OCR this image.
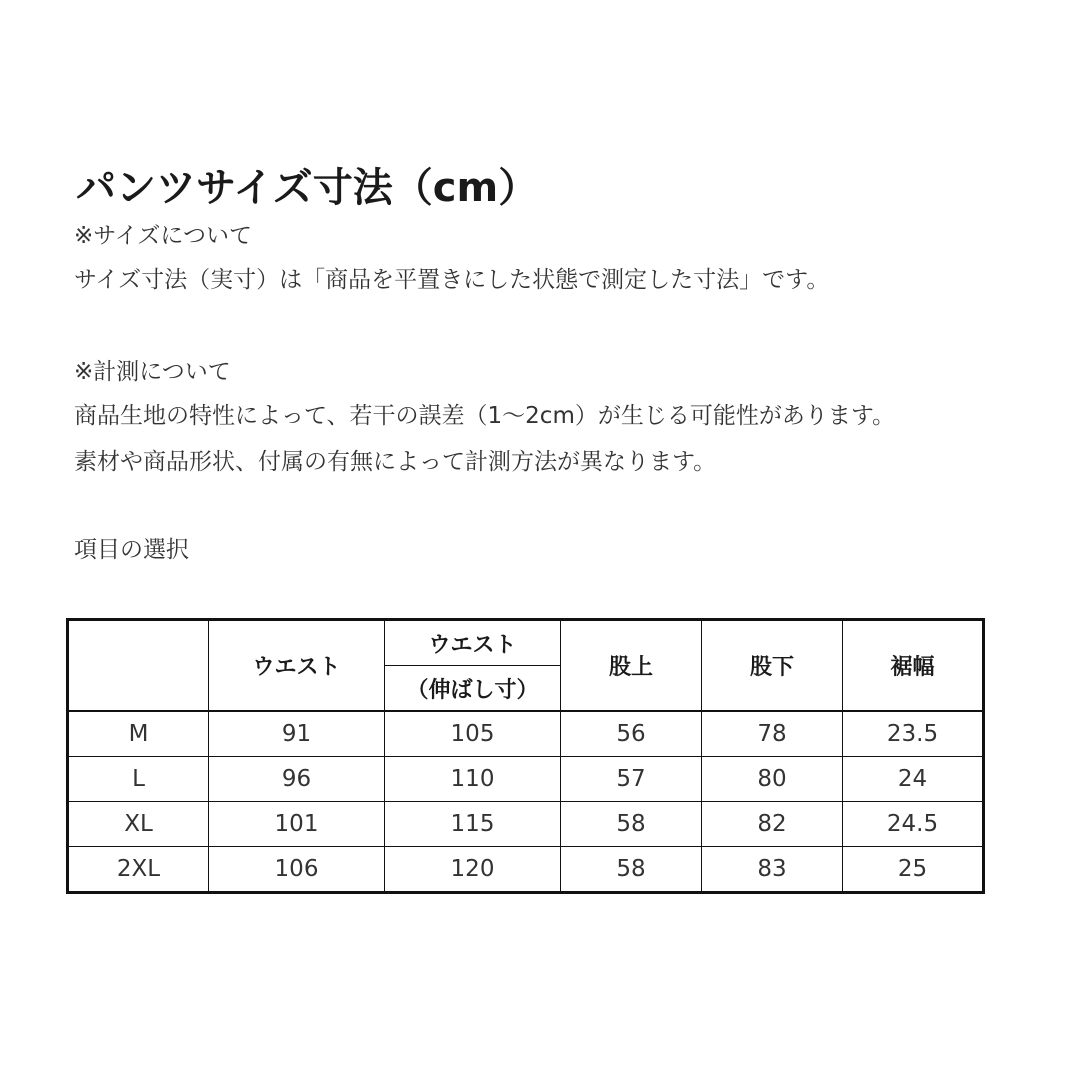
パンツサイズ寸法（cm）
※サイズについて
サイズ寸法（実寸）は「商品を平置きにした状態で測定した寸法」です。
※計測について
商品生地の特性によって、若干の誤差（1～2cm）が生じる可能性があります。
素材や商品形状、付属の有無によって計測方法が異なります。
項目の選択
	ウエスト	ウエスト	股上	股下	裾幅
		（伸ばし寸）			
M	91	105	56	78	23.5
L	96	110	57	80	24
XL	101	115	58	82	24.5
2XL	106	120	58	83	25
